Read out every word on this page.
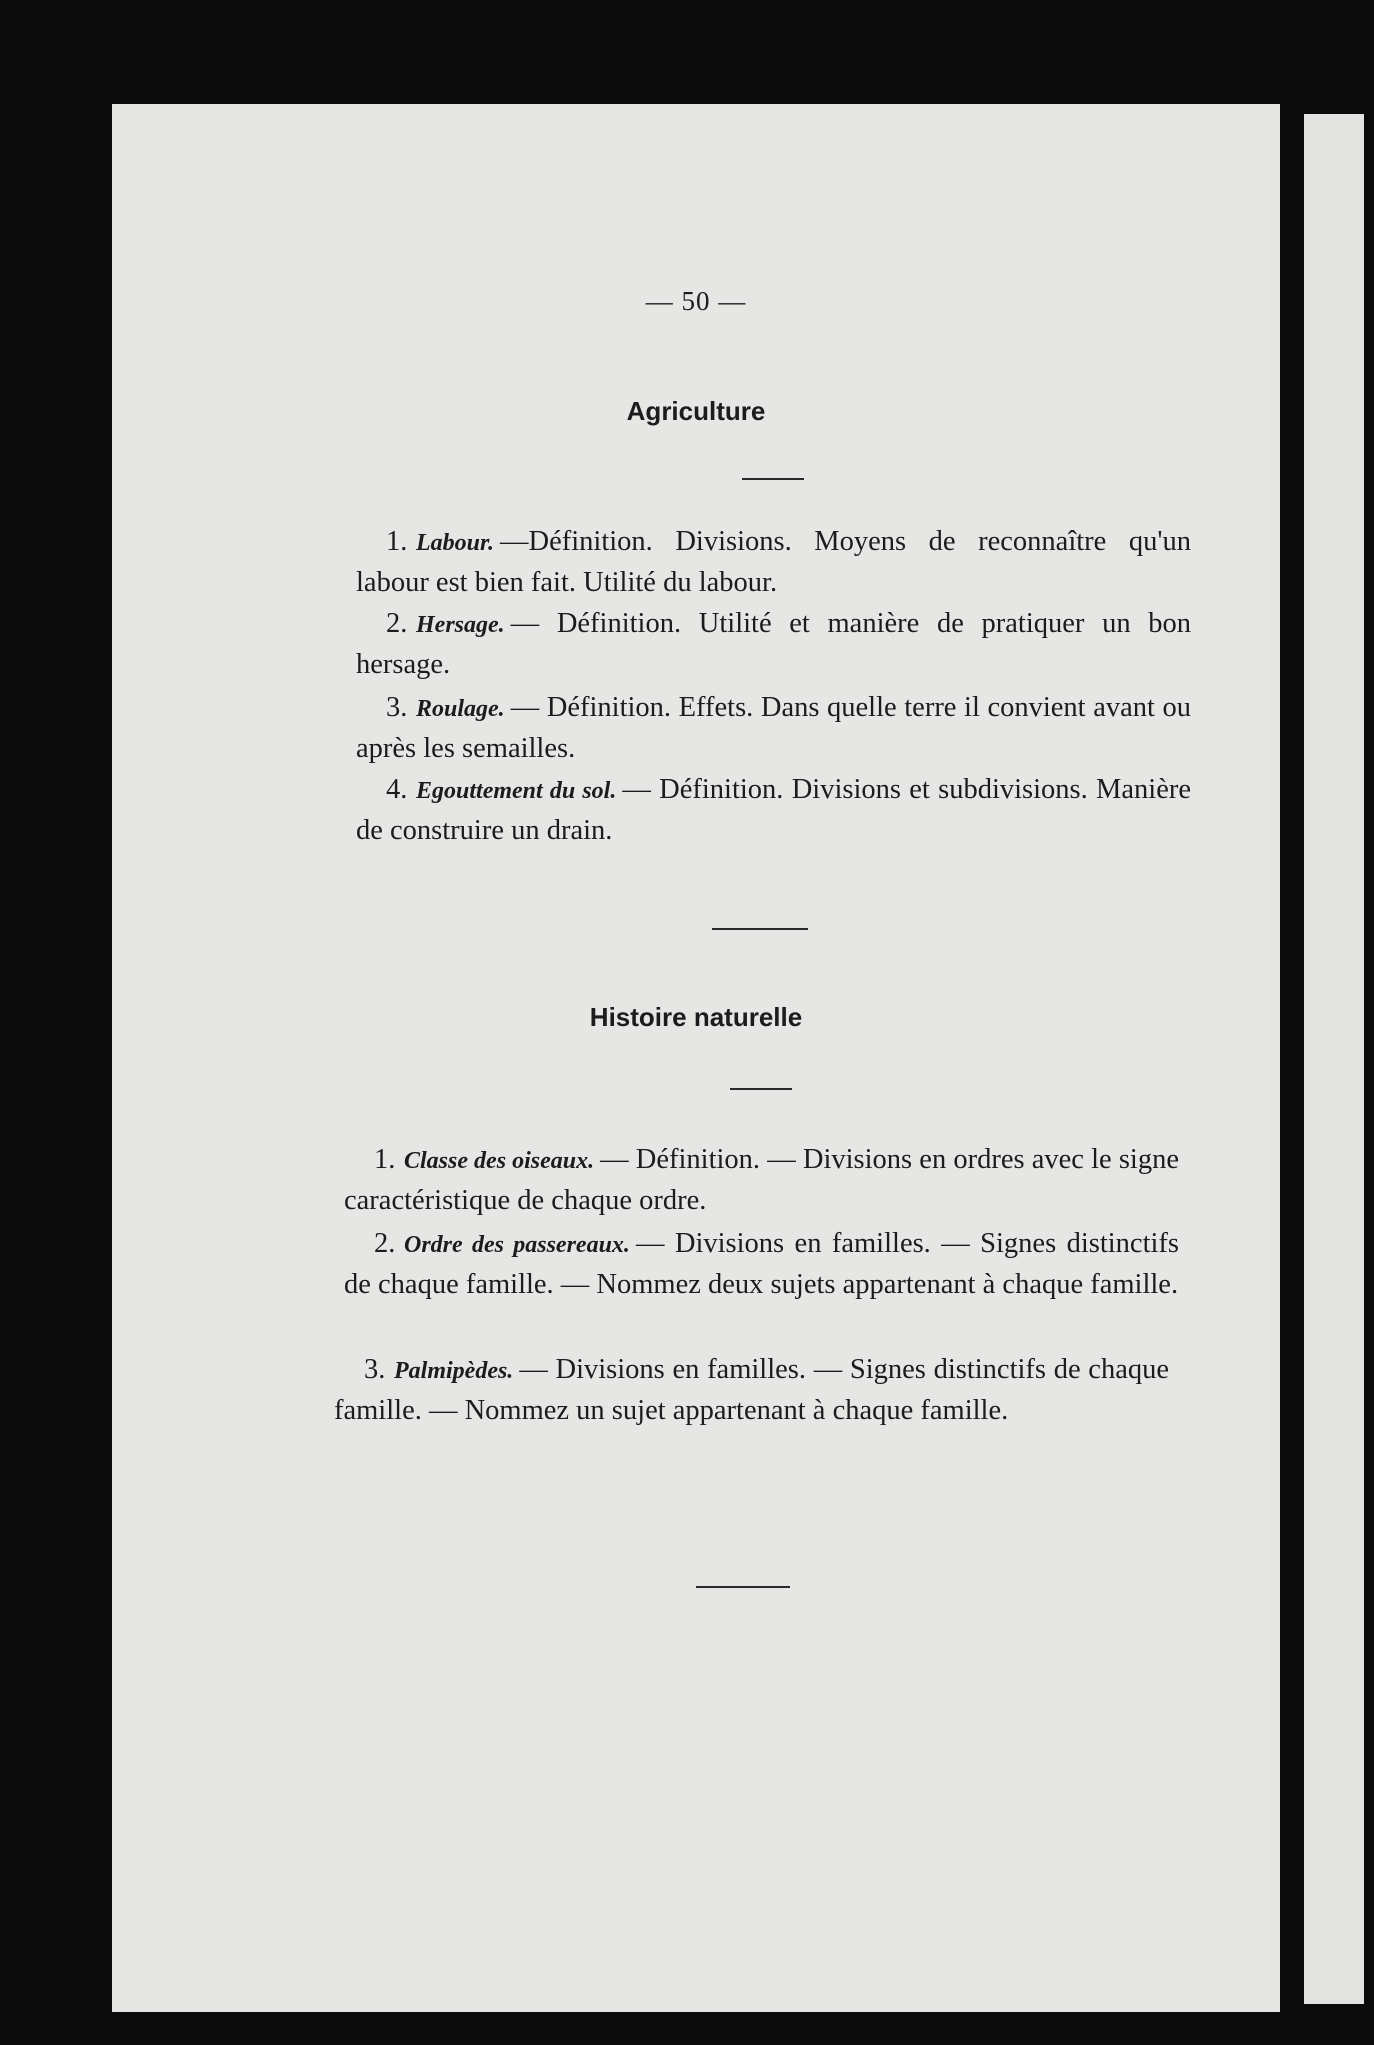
— 50 —
Agriculture
1. Labour. —Définition. Divisions. Moyens de reconnaître qu'un labour est bien fait. Utilité du labour.
2. Hersage. — Définition. Utilité et manière de pratiquer un bon hersage.
3. Roulage. — Définition. Effets. Dans quelle terre il convient avant ou après les semailles.
4. Egouttement du sol. — Définition. Divisions et subdivisions. Manière de construire un drain.
Histoire naturelle
1. Classe des oiseaux. — Définition. — Divisions en ordres avec le signe caractéristique de chaque ordre.
2. Ordre des passereaux. — Divisions en familles. — Signes distinctifs de chaque famille. — Nommez deux sujets appartenant à chaque famille.
3. Palmipèdes. — Divisions en familles. — Signes distinctifs de chaque famille. — Nommez un sujet appartenant à chaque famille.
